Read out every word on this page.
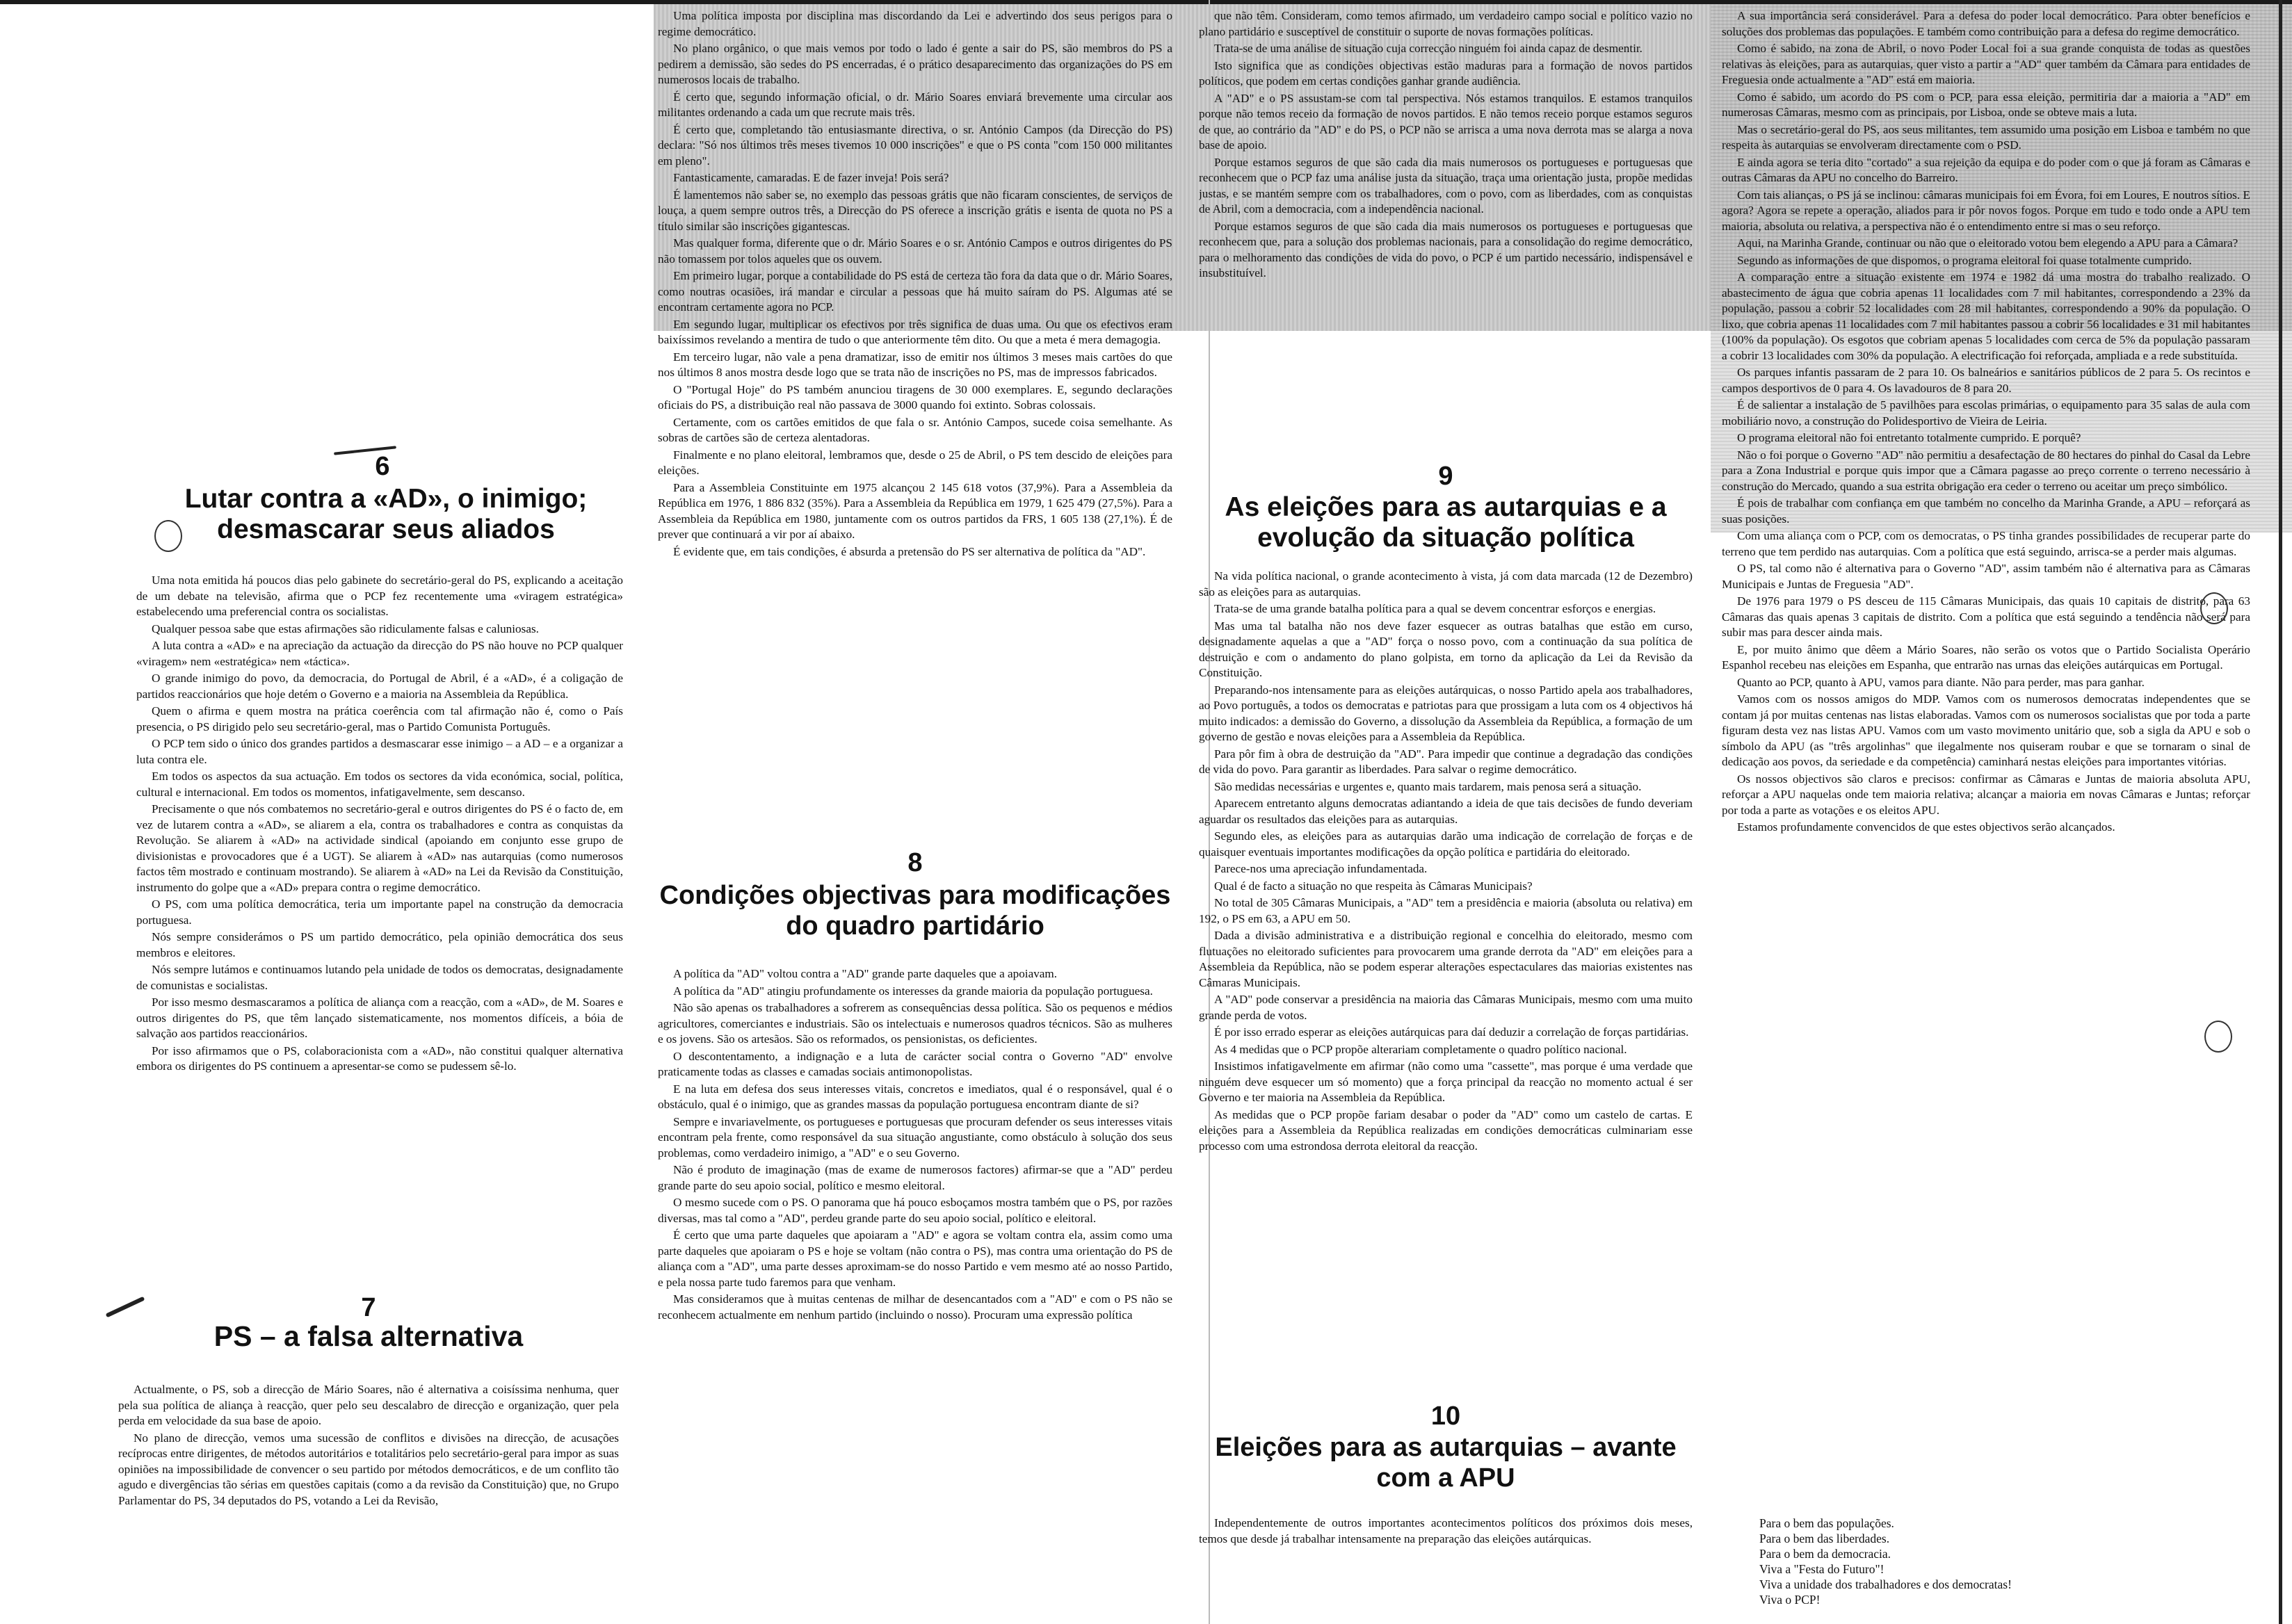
6
Lutar contra a «AD», o inimigo; desmascarar seus aliados

Uma nota emitida há poucos dias pelo gabinete do secretário-geral do PS, explicando a aceitação de um debate na televisão, afirma que o PCP fez recentemente uma «viragem estratégica» estabelecendo uma preferencial contra os socialistas.

Qualquer pessoa sabe que estas afirmações são ridiculamente falsas e caluniosas.

A luta contra a «AD» e na apreciação da actuação da direcção do PS não houve no PCP qualquer «viragem» nem «estratégica» nem «táctica».

O grande inimigo do povo, da democracia, do Portugal de Abril, é a «AD», é a coligação de partidos reaccionários que hoje detém o Governo e a maioria na Assembleia da República.

Quem o afirma e quem mostra na prática coerência com tal afirmação não é, como o País presencia, o PS dirigido pelo seu secretário-geral, mas o Partido Comunista Português.

O PCP tem sido o único dos grandes partidos a desmascarar esse inimigo – a AD – e a organizar a luta contra ele.

Em todos os aspectos da sua actuação. Em todos os sectores da vida económica, social, política, cultural e internacional. Em todos os momentos, infatigavelmente, sem descanso.

Precisamente o que nós combatemos no secretário-geral e outros dirigentes do PS é o facto de, em vez de lutarem contra a «AD», se aliarem a ela, contra os trabalhadores e contra as conquistas da Revolução. Se aliarem à «AD» na actividade sindical (apoiando em conjunto esse grupo de divisionistas e provocadores que é a UGT). Se aliarem à «AD» nas autarquias (como numerosos factos têm mostrado e continuam mostrando). Se aliarem à «AD» na Lei da Revisão da Constituição, instrumento do golpe que a «AD» prepara contra o regime democrático.

O PS, com uma política democrática, teria um importante papel na construção da democracia portuguesa.

Nós sempre considerámos o PS um partido democrático, pela opinião democrática dos seus membros e eleitores.

Nós sempre lutámos e continuamos lutando pela unidade de todos os democratas, designadamente de comunistas e socialistas.

Por isso mesmo desmascaramos a política de aliança com a reacção, com a «AD», de M. Soares e outros dirigentes do PS, que têm lançado sistematicamente, nos momentos difíceis, a bóia de salvação aos partidos reaccionários.

Por isso afirmamos que o PS, colaboracionista com a «AD», não constitui qualquer alternativa embora os dirigentes do PS continuem a apresentar-se como se pudessem sê-lo.

7
PS – a falsa alternativa

Actualmente, o PS, sob a direcção de Mário Soares, não é alternativa a coisíssima nenhuma, quer pela sua política de aliança à reacção, quer pelo seu descalabro de direcção e organização, quer pela perda em velocidade da sua base de apoio.

No plano de direcção, vemos uma sucessão de conflitos e divisões na direcção, de acusações recíprocas entre dirigentes, de métodos autoritários e totalitários pelo secretário-geral para impor as suas opiniões na impossibilidade de convencer o seu partido por métodos democráticos, e de um conflito tão agudo e divergências tão sérias em questões capitais (como a da revisão da Constituição) que, no Grupo Parlamentar do PS, 34 deputados do PS, votando a Lei da Revisão,

Uma política imposta por disciplina mas discordando da Lei e advertindo dos seus perigos para o regime democrático.

No plano orgânico, o que mais vemos por todo o lado é gente a sair do PS, são membros do PS a pedirem a demissão, são sedes do PS encerradas, é o prático desaparecimento das organizações do PS em numerosos locais de trabalho.

É certo que, segundo informação oficial, o dr. Mário Soares enviará brevemente uma circular aos militantes ordenando a cada um que recrute mais três.

É certo que, completando tão entusiasmante directiva, o sr. António Campos (da Direcção do PS) declara: "Só nos últimos três meses tivemos 10 000 inscrições" e que o PS conta "com 150 000 militantes em pleno".

Fantasticamente, camaradas. E de fazer inveja! Pois será?

É lamentemos não saber se, no exemplo das pessoas grátis que não ficaram conscientes, de serviços de louça, a quem sempre outros três, a Direcção do PS oferece a inscrição grátis e isenta de quota no PS a título similar são inscrições gigantescas.

Mas qualquer forma, diferente que o dr. Mário Soares e o sr. António Campos e outros dirigentes do PS não tomassem por tolos aqueles que os ouvem.

Em primeiro lugar, porque a contabilidade do PS está de certeza tão fora da data que o dr. Mário Soares, como noutras ocasiões, irá mandar e circular a pessoas que há muito saíram do PS. Algumas até se encontram certamente agora no PCP.

Em segundo lugar, multiplicar os efectivos por três significa de duas uma. Ou que os efectivos eram baixíssimos revelando a mentira de tudo o que anteriormente têm dito. Ou que a meta é mera demagogia.

Em terceiro lugar, não vale a pena dramatizar, isso de emitir nos últimos 3 meses mais cartões do que nos últimos 8 anos mostra desde logo que se trata não de inscrições no PS, mas de impressos fabricados.

O "Portugal Hoje" do PS também anunciou tiragens de 30 000 exemplares. E, segundo declarações oficiais do PS, a distribuição real não passava de 3000 quando foi extinto. Sobras colossais.

Certamente, com os cartões emitidos de que fala o sr. António Campos, sucede coisa semelhante. As sobras de cartões são de certeza alentadoras.

Finalmente e no plano eleitoral, lembramos que, desde o 25 de Abril, o PS tem descido de eleições para eleições.

Para a Assembleia Constituinte em 1975 alcançou 2 145 618 votos (37,9%). Para a Assembleia da República em 1976, 1 886 832 (35%). Para a Assembleia da República em 1979, 1 625 479 (27,5%). Para a Assembleia da República em 1980, juntamente com os outros partidos da FRS, 1 605 138 (27,1%). É de prever que continuará a vir por aí abaixo.

É evidente que, em tais condições, é absurda a pretensão do PS ser alternativa de política da "AD".

8
Condições objectivas para modificações do quadro partidário

A política da "AD" voltou contra a "AD" grande parte daqueles que a apoiavam.

A política da "AD" atingiu profundamente os interesses da grande maioria da população portuguesa.

Não são apenas os trabalhadores a sofrerem as consequências dessa política. São os pequenos e médios agricultores, comerciantes e industriais. São os intelectuais e numerosos quadros técnicos. São as mulheres e os jovens. São os artesãos. São os reformados, os pensionistas, os deficientes.

O descontentamento, a indignação e a luta de carácter social contra o Governo "AD" envolve praticamente todas as classes e camadas sociais antimonopolistas.

E na luta em defesa dos seus interesses vitais, concretos e imediatos, qual é o responsável, qual é o obstáculo, qual é o inimigo, que as grandes massas da população portuguesa encontram diante de si?

Sempre e invariavelmente, os portugueses e portuguesas que procuram defender os seus interesses vitais encontram pela frente, como responsável da sua situação angustiante, como obstáculo à solução dos seus problemas, como verdadeiro inimigo, a "AD" e o seu Governo.

Não é produto de imaginação (mas de exame de numerosos factores) afirmar-se que a "AD" perdeu grande parte do seu apoio social, político e mesmo eleitoral.

O mesmo sucede com o PS. O panorama que há pouco esboçamos mostra também que o PS, por razões diversas, mas tal como a "AD", perdeu grande parte do seu apoio social, político e eleitoral.

É certo que uma parte daqueles que apoiaram a "AD" e agora se voltam contra ela, assim como uma parte daqueles que apoiaram o PS e hoje se voltam (não contra o PS), mas contra uma orientação do PS de aliança com a "AD", uma parte desses aproximam-se do nosso Partido e vem mesmo até ao nosso Partido, e pela nossa parte tudo faremos para que venham.

Mas consideramos que à muitas centenas de milhar de desencantados com a "AD" e com o PS não se reconhecem actualmente em nenhum partido (incluindo o nosso). Procuram uma expressão política

que não têm. Consideram, como temos afirmado, um verdadeiro campo social e político vazio no plano partidário e susceptível de constituir o suporte de novas formações políticas.

Trata-se de uma análise de situação cuja correcção ninguém foi ainda capaz de desmentir.

Isto significa que as condições objectivas estão maduras para a formação de novos partidos políticos, que podem em certas condições ganhar grande audiência.

A "AD" e o PS assustam-se com tal perspectiva. Nós estamos tranquilos. E estamos tranquilos porque não temos receio da formação de novos partidos. E não temos receio porque estamos seguros de que, ao contrário da "AD" e do PS, o PCP não se arrisca a uma nova derrota mas se alarga a nova base de apoio.

Porque estamos seguros de que são cada dia mais numerosos os portugueses e portuguesas que reconhecem que o PCP faz uma análise justa da situação, traça uma orientação justa, propõe medidas justas, e se mantém sempre com os trabalhadores, com o povo, com as liberdades, com as conquistas de Abril, com a democracia, com a independência nacional.

Porque estamos seguros de que são cada dia mais numerosos os portugueses e portuguesas que reconhecem que, para a solução dos problemas nacionais, para a consolidação do regime democrático, para o melhoramento das condições de vida do povo, o PCP é um partido necessário, indispensável e insubstituível.

9
As eleições para as autarquias e a evolução da situação política

Na vida política nacional, o grande acontecimento à vista, já com data marcada (12 de Dezembro) são as eleições para as autarquias.

Trata-se de uma grande batalha política para a qual se devem concentrar esforços e energias.

Mas uma tal batalha não nos deve fazer esquecer as outras batalhas que estão em curso, designadamente aquelas a que a "AD" força o nosso povo, com a continuação da sua política de destruição e com o andamento do plano golpista, em torno da aplicação da Lei da Revisão da Constituição.

Preparando-nos intensamente para as eleições autárquicas, o nosso Partido apela aos trabalhadores, ao Povo português, a todos os democratas e patriotas para que prossigam a luta com os 4 objectivos há muito indicados: a demissão do Governo, a dissolução da Assembleia da República, a formação de um governo de gestão e novas eleições para a Assembleia da República.

Para pôr fim à obra de destruição da "AD". Para impedir que continue a degradação das condições de vida do povo. Para garantir as liberdades. Para salvar o regime democrático.

São medidas necessárias e urgentes e, quanto mais tardarem, mais penosa será a situação.

Aparecem entretanto alguns democratas adiantando a ideia de que tais decisões de fundo deveriam aguardar os resultados das eleições para as autarquias.

Segundo eles, as eleições para as autarquias darão uma indicação de correlação de forças e de quaisquer eventuais importantes modificações da opção política e partidária do eleitorado.

Parece-nos uma apreciação infundamentada.

Qual é de facto a situação no que respeita às Câmaras Municipais?

No total de 305 Câmaras Municipais, a "AD" tem a presidência e maioria (absoluta ou relativa) em 192, o PS em 63, a APU em 50.

Dada a divisão administrativa e a distribuição regional e concelhia do eleitorado, mesmo com flutuações no eleitorado suficientes para provocarem uma grande derrota da "AD" em eleições para a Assembleia da República, não se podem esperar alterações espectaculares das maiorias existentes nas Câmaras Municipais.

A "AD" pode conservar a presidência na maioria das Câmaras Municipais, mesmo com uma muito grande perda de votos.

É por isso errado esperar as eleições autárquicas para daí deduzir a correlação de forças partidárias.

As 4 medidas que o PCP propõe alterariam completamente o quadro político nacional.

Insistimos infatigavelmente em afirmar (não como uma "cassette", mas porque é uma verdade que ninguém deve esquecer um só momento) que a força principal da reacção no momento actual é ser Governo e ter maioria na Assembleia da República.

As medidas que o PCP propõe fariam desabar o poder da "AD" como um castelo de cartas. E eleições para a Assembleia da República realizadas em condições democráticas culminariam esse processo com uma estrondosa derrota eleitoral da reacção.

10
Eleições para as autarquias – avante com a APU

Independentemente de outros importantes acontecimentos políticos dos próximos dois meses, temos que desde já trabalhar intensamente na preparação das eleições autárquicas.

A sua importância será considerável. Para a defesa do poder local democrático. Para obter benefícios e soluções dos problemas das populações. E também como contribuição para a defesa do regime democrático.

Como é sabido, na zona de Abril, o novo Poder Local foi a sua grande conquista de todas as questões relativas às eleições, para as autarquias, quer visto a partir a "AD" quer também da Câmara para entidades de Freguesia onde actualmente a "AD" está em maioria.

Como é sabido, um acordo do PS com o PCP, para essa eleição, permitiria dar a maioria a "AD" em numerosas Câmaras, mesmo com as principais, por Lisboa, onde se obteve mais a luta.

Mas o secretário-geral do PS, aos seus militantes, tem assumido uma posição em Lisboa e também no que respeita às autarquias se envolveram directamente com o PSD.

E ainda agora se teria dito "cortado" a sua rejeição da equipa e do poder com o que já foram as Câmaras e outras Câmaras da APU no concelho do Barreiro.

Com tais alianças, o PS já se inclinou: câmaras municipais foi em Évora, foi em Loures, E noutros sítios. E agora? Agora se repete a operação, aliados para ir pôr novos fogos. Porque em tudo e todo onde a APU tem maioria, absoluta ou relativa, a perspectiva não é o entendimento entre si mas o seu reforço.

Aqui, na Marinha Grande, continuar ou não que o eleitorado votou bem elegendo a APU para a Câmara?

Segundo as informações de que dispomos, o programa eleitoral foi quase totalmente cumprido.

A comparação entre a situação existente em 1974 e 1982 dá uma mostra do trabalho realizado. O abastecimento de água que cobria apenas 11 localidades com 7 mil habitantes, correspondendo a 23% da população, passou a cobrir 52 localidades com 28 mil habitantes, correspondendo a 90% da população. O lixo, que cobria apenas 11 localidades com 7 mil habitantes passou a cobrir 56 localidades e 31 mil habitantes (100% da população). Os esgotos que cobriam apenas 5 localidades com cerca de 5% da população passaram a cobrir 13 localidades com 30% da população. A electrificação foi reforçada, ampliada e a rede substituída.

Os parques infantis passaram de 2 para 10. Os balneários e sanitários públicos de 2 para 5. Os recintos e campos desportivos de 0 para 4. Os lavadouros de 8 para 20.

É de salientar a instalação de 5 pavilhões para escolas primárias, o equipamento para 35 salas de aula com mobiliário novo, a construção do Polidesportivo de Vieira de Leiria.

O programa eleitoral não foi entretanto totalmente cumprido. E porquê?

Não o foi porque o Governo "AD" não permitiu a desafectação de 80 hectares do pinhal do Casal da Lebre para a Zona Industrial e porque quis impor que a Câmara pagasse ao preço corrente o terreno necessário à construção do Mercado, quando a sua estrita obrigação era ceder o terreno ou aceitar um preço simbólico.

É pois de trabalhar com confiança em que também no concelho da Marinha Grande, a APU – reforçará as suas posições.

Com uma aliança com o PCP, com os democratas, o PS tinha grandes possibilidades de recuperar parte do terreno que tem perdido nas autarquias. Com a política que está seguindo, arrisca-se a perder mais algumas.

O PS, tal como não é alternativa para o Governo "AD", assim também não é alternativa para as Câmaras Municipais e Juntas de Freguesia "AD".

De 1976 para 1979 o PS desceu de 115 Câmaras Municipais, das quais 10 capitais de distrito, para 63 Câmaras das quais apenas 3 capitais de distrito. Com a política que está seguindo a tendência não será para subir mas para descer ainda mais.

E, por muito ânimo que dêem a Mário Soares, não serão os votos que o Partido Socialista Operário Espanhol recebeu nas eleições em Espanha, que entrarão nas urnas das eleições autárquicas em Portugal.

Quanto ao PCP, quanto à APU, vamos para diante. Não para perder, mas para ganhar.

Vamos com os nossos amigos do MDP. Vamos com os numerosos democratas independentes que se contam já por muitas centenas nas listas elaboradas. Vamos com os numerosos socialistas que por toda a parte figuram desta vez nas listas APU. Vamos com um vasto movimento unitário que, sob a sigla da APU e sob o símbolo da APU (as "três argolinhas" que ilegalmente nos quiseram roubar e que se tornaram o sinal de dedicação aos povos, da seriedade e da competência) caminhará nestas eleições para importantes vitórias.

Os nossos objectivos são claros e precisos: confirmar as Câmaras e Juntas de maioria absoluta APU, reforçar a APU naquelas onde tem maioria relativa; alcançar a maioria em novas Câmaras e Juntas; reforçar por toda a parte as votações e os eleitos APU.

Estamos profundamente convencidos de que estes objectivos serão alcançados.

Para o bem das populações.
Para o bem das liberdades.
Para o bem da democracia.
Viva a "Festa do Futuro"!
Viva a unidade dos trabalhadores e dos democratas!
Viva o PCP!
